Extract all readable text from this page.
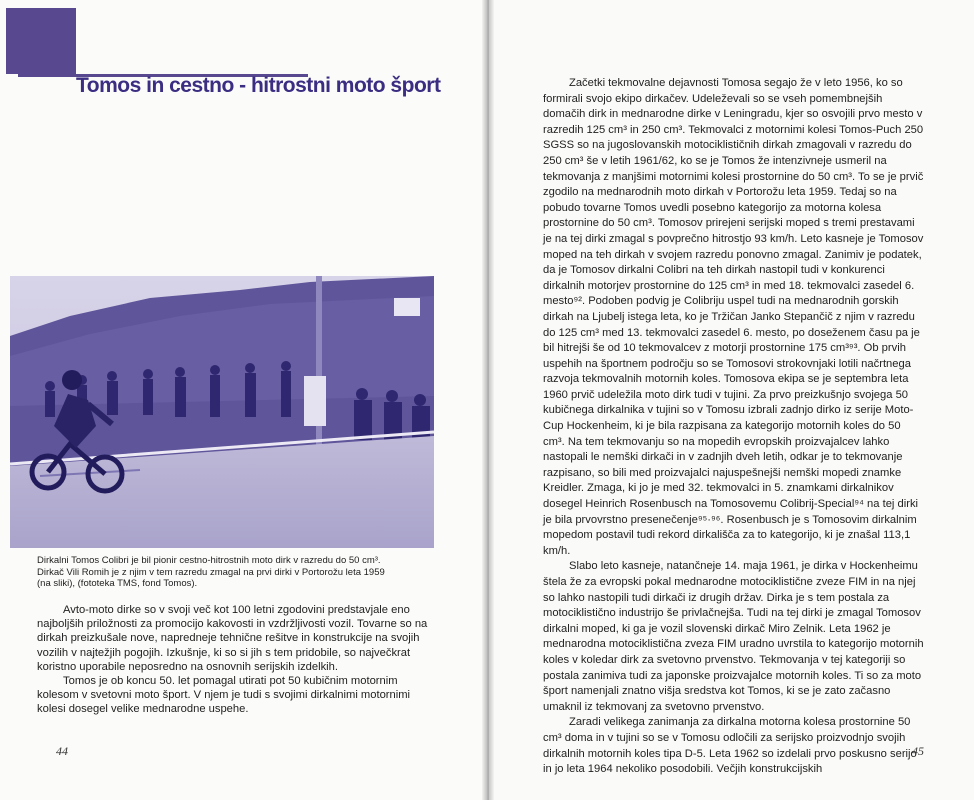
Tomos in cestno - hitrostni moto šport

Dirkalni Tomos Colibri je bil pionir cestno-hitrostnih moto dirk v razredu do 50 cm³.

Dirkač Vili Romih je z njim v tem razredu zmagal na prvi dirki v Portorožu leta 1959

(na sliki), (fototeka TMS, fond Tomos).

Avto-moto dirke so v svoji več kot 100 letni zgodovini predstavjale eno najboljših priložnosti za promocijo kakovosti in vzdržljivosti vozil. Tovarne so na dirkah preizkušale nove, napredneje tehnične rešitve in konstrukcije na svojih vozilih v najtežjih pogojih. Izkušnje, ki so si jih s tem pridobile, so največkrat koristno uporabile neposredno na osnovnih serijskih izdelkih.

Tomos je ob koncu 50. let pomagal utirati pot 50 kubičnim motornim kolesom v svetovni moto šport. V njem je tudi s svojimi dirkalnimi motornimi kolesi dosegel velike mednarodne uspehe.

44

Začetki tekmovalne dejavnosti Tomosa segajo že v leto 1956, ko so formirali svojo ekipo dirkačev. Udeleževali so se vseh pomembnejših domačih dirk in mednarodne dirke v Leningradu, kjer so osvojili prvo mesto v razredih 125 cm³ in 250 cm³. Tekmovalci z motornimi kolesi Tomos-Puch 250 SGSS so na jugoslovanskih motociklističnih dirkah zmagovali v razredu do 250 cm³ še v letih 1961/62, ko se je Tomos že intenzivneje usmeril na tekmovanja z manjšimi motornimi kolesi prostornine do 50 cm³. To se je prvič zgodilo na mednarodnih moto dirkah v Portorožu leta 1959. Tedaj so na pobudo tovarne Tomos uvedli posebno kategorijo za motorna kolesa prostornine do 50 cm³. Tomosov prirejeni serijski moped s tremi prestavami je na tej dirki zmagal s povprečno hitrostjo 93 km/h. Leto kasneje je Tomosov moped na teh dirkah v svojem razredu ponovno zmagal. Zanimiv je podatek, da je Tomosov dirkalni Colibri na teh dirkah nastopil tudi v konkurenci dirkalnih motorjev prostornine do 125 cm³ in med 18. tekmovalci zasedel 6. mesto⁹². Podoben podvig je Colibriju uspel tudi na mednarodnih gorskih dirkah na Ljubelj istega leta, ko je Tržičan Janko Stepančič z njim v razredu do 125 cm³ med 13. tekmovalci zasedel 6. mesto, po doseženem času pa je bil hitrejši še od 10 tekmovalcev z motorji prostornine 175 cm³⁹³. Ob prvih uspehih na športnem področju so se Tomosovi strokovnjaki lotili načrtnega razvoja tekmovalnih motornih koles. Tomosova ekipa se je septembra leta 1960 prvič udeležila moto dirk tudi v tujini. Za prvo preizkušnjo svojega 50 kubičnega dirkalnika v tujini so v Tomosu izbrali zadnjo dirko iz serije Moto-Cup Hockenheim, ki je bila razpisana za kategorijo motornih koles do 50 cm³. Na tem tekmovanju so na mopedih evropskih proizvajalcev lahko nastopali le nemški dirkači in v zadnjih dveh letih, odkar je to tekmovanje razpisano, so bili med proizvajalci najuspešnejši nemški mopedi znamke Kreidler. Zmaga, ki jo je med 32. tekmovalci in 5. znamkami dirkalnikov dosegel Heinrich Rosenbusch na Tomosovemu Colibrij-Special⁹⁴ na tej dirki je bila prvovrstno presenečenje⁹⁵·⁹⁶. Rosenbusch je s Tomosovim dirkalnim mopedom postavil tudi rekord dirkališča za to kategorijo, ki je znašal 113,1 km/h.

Slabo leto kasneje, natančneje 14. maja 1961, je dirka v Hockenheimu štela že za evropski pokal mednarodne motociklistične zveze FIM in na njej so lahko nastopili tudi dirkači iz drugih držav. Dirka je s tem postala za motociklistično industrijo še privlačnejša. Tudi na tej dirki je zmagal Tomosov dirkalni moped, ki ga je vozil slovenski dirkač Miro Zelnik. Leta 1962 je mednarodna motociklistična zveza FIM uradno uvrstila to kategorijo motornih koles v koledar dirk za svetovno prvenstvo. Tekmovanja v tej kategoriji so postala zanimiva tudi za japonske proizvajalce motornih koles. Ti so za moto šport namenjali znatno višja sredstva kot Tomos, ki se je zato začasno umaknil iz tekmovanj za svetovno prvenstvo.

Zaradi velikega zanimanja za dirkalna motorna kolesa prostornine 50 cm³ doma in v tujini so se v Tomosu odločili za serijsko proizvodnjo svojih dirkalnih motornih koles tipa D-5. Leta 1962 so izdelali prvo poskusno serijo in jo leta 1964 nekoliko posodobili. Večjih konstrukcijskih

45
